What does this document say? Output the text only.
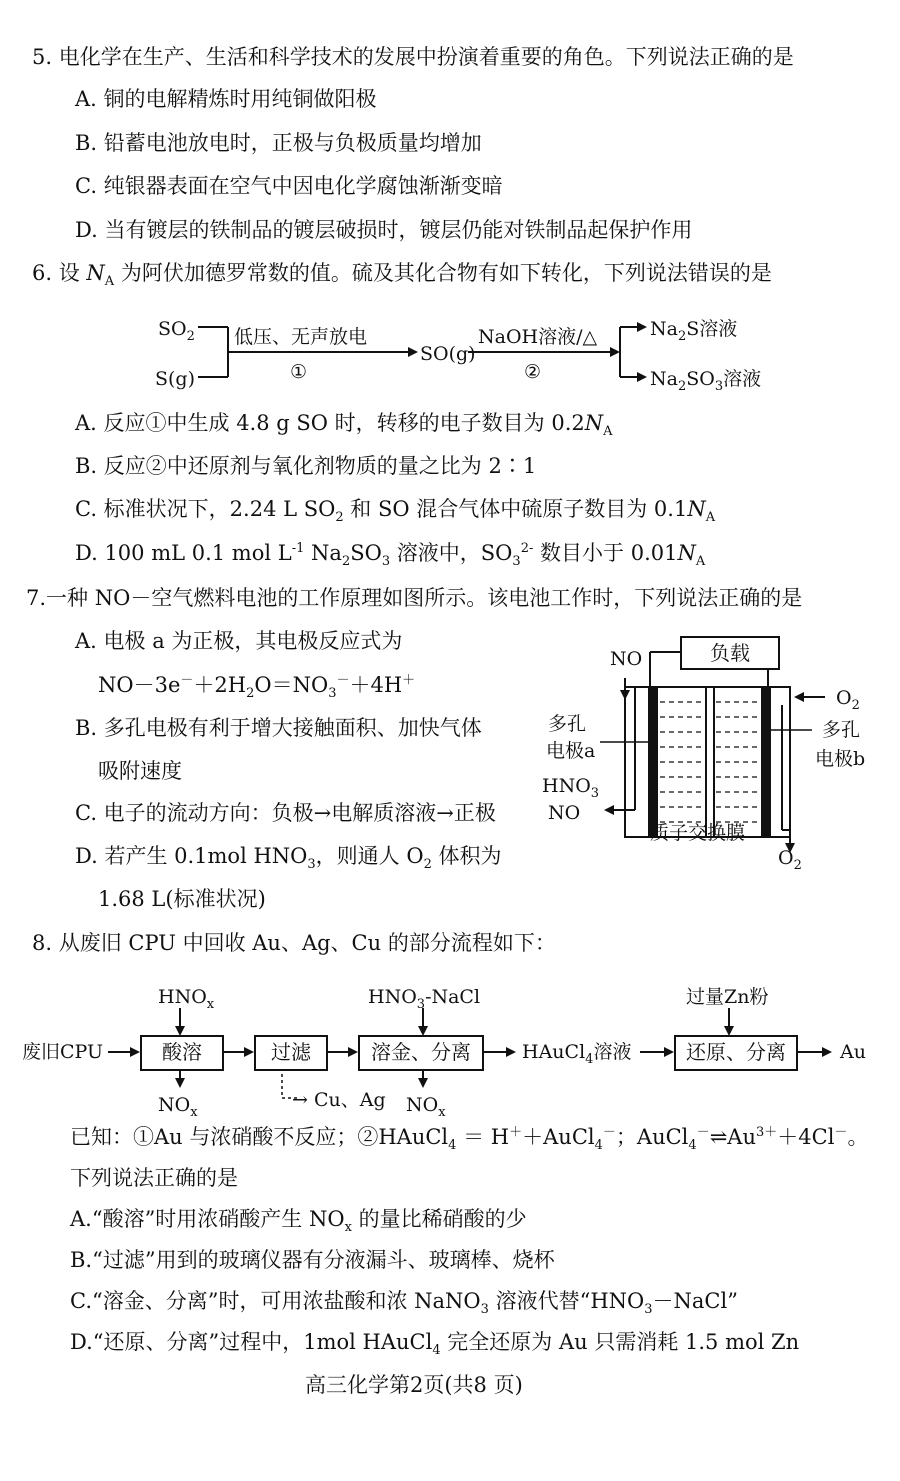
5. 电化学在生产、生活和科学技术的发展中扮演着重要的角色。下列说法正确的是
A. 铜的电解精炼时用纯铜做阳极
B. 铅蓄电池放电时，正极与负极质量均增加
C. 纯银器表面在空气中因电化学腐蚀渐渐变暗
D. 当有镀层的铁制品的镀层破损时，镀层仍能对铁制品起保护作用
6. 设 $N_A$ 为阿伏加德罗常数的值。硫及其化合物有如下转化，下列说法错误的是
$SO_2$
S(g)
低压、无声放电
①
SO(g)
NaOH溶液/△
②
$Na_2S$溶液
$Na_2SO_3$溶液
A. 反应①中生成 4.8 g SO 时，转移的电子数目为 $0.2N_A$
B. 反应②中还原剂与氧化剂物质的量之比为 2∶1
C. 标准状况下，2.24 L $SO_2$ 和 SO 混合气体中硫原子数目为 $0.1N_A$
D. 100 mL 0.1 mol $L^{-1}$ $Na_2SO_3$ 溶液中，$SO_3^{2-}$ 数目小于 $0.01N_A$
7.一种 NO－空气燃料电池的工作原理如图所示。该电池工作时，下列说法正确的是
A. 电极 a 为正极，其电极反应式为
$NO-3e^-+2H_2O=NO_3^-+4H^+$
B. 多孔电极有利于增大接触面积、加快气体
吸附速度
C. 电子的流动方向：负极→电解质溶液→正极
D. 若产生 0.1mol $HNO_3$，则通人 $O_2$ 体积为
1.68 L(标准状况)
负载
NO
$O_2$
多孔
电极a
多孔
电极b
$HNO_3$
NO
质子交换膜
$O_2$
8. 从废旧 CPU 中回收 Au、Ag、Cu 的部分流程如下：
废旧CPU	酸溶	过滤	溶金、分离	HAuCl$_4$溶液	还原、分离	Au
$HNO_x$	$HNO_3$-NaCl	过量Zn粉
$NO_x$
→ Cu、Ag $NO_x$
已知：①Au 与浓硝酸不反应；②HAuCl$_4$ ＝ H＋＋AuCl$_4$－；$AuCl_4^-\rightleftharpoons Au^{3+}+4Cl^-$。
下列说法正确的是
A.“酸溶”时用浓硝酸产生 $NO_x$ 的量比稀硝酸的少
B.“过滤”用到的玻璃仪器有分液漏斗、玻璃棒、烧杯
C.“溶金、分离”时，可用浓盐酸和浓 NaNO$_3$ 溶液代替“$HNO_3-NaCl$”
D.“还原、分离”过程中，1mol HAuCl$_4$ 完全还原为 Au 只需消耗 1.5 mol Zn
高三化学第2页(共8 页)
